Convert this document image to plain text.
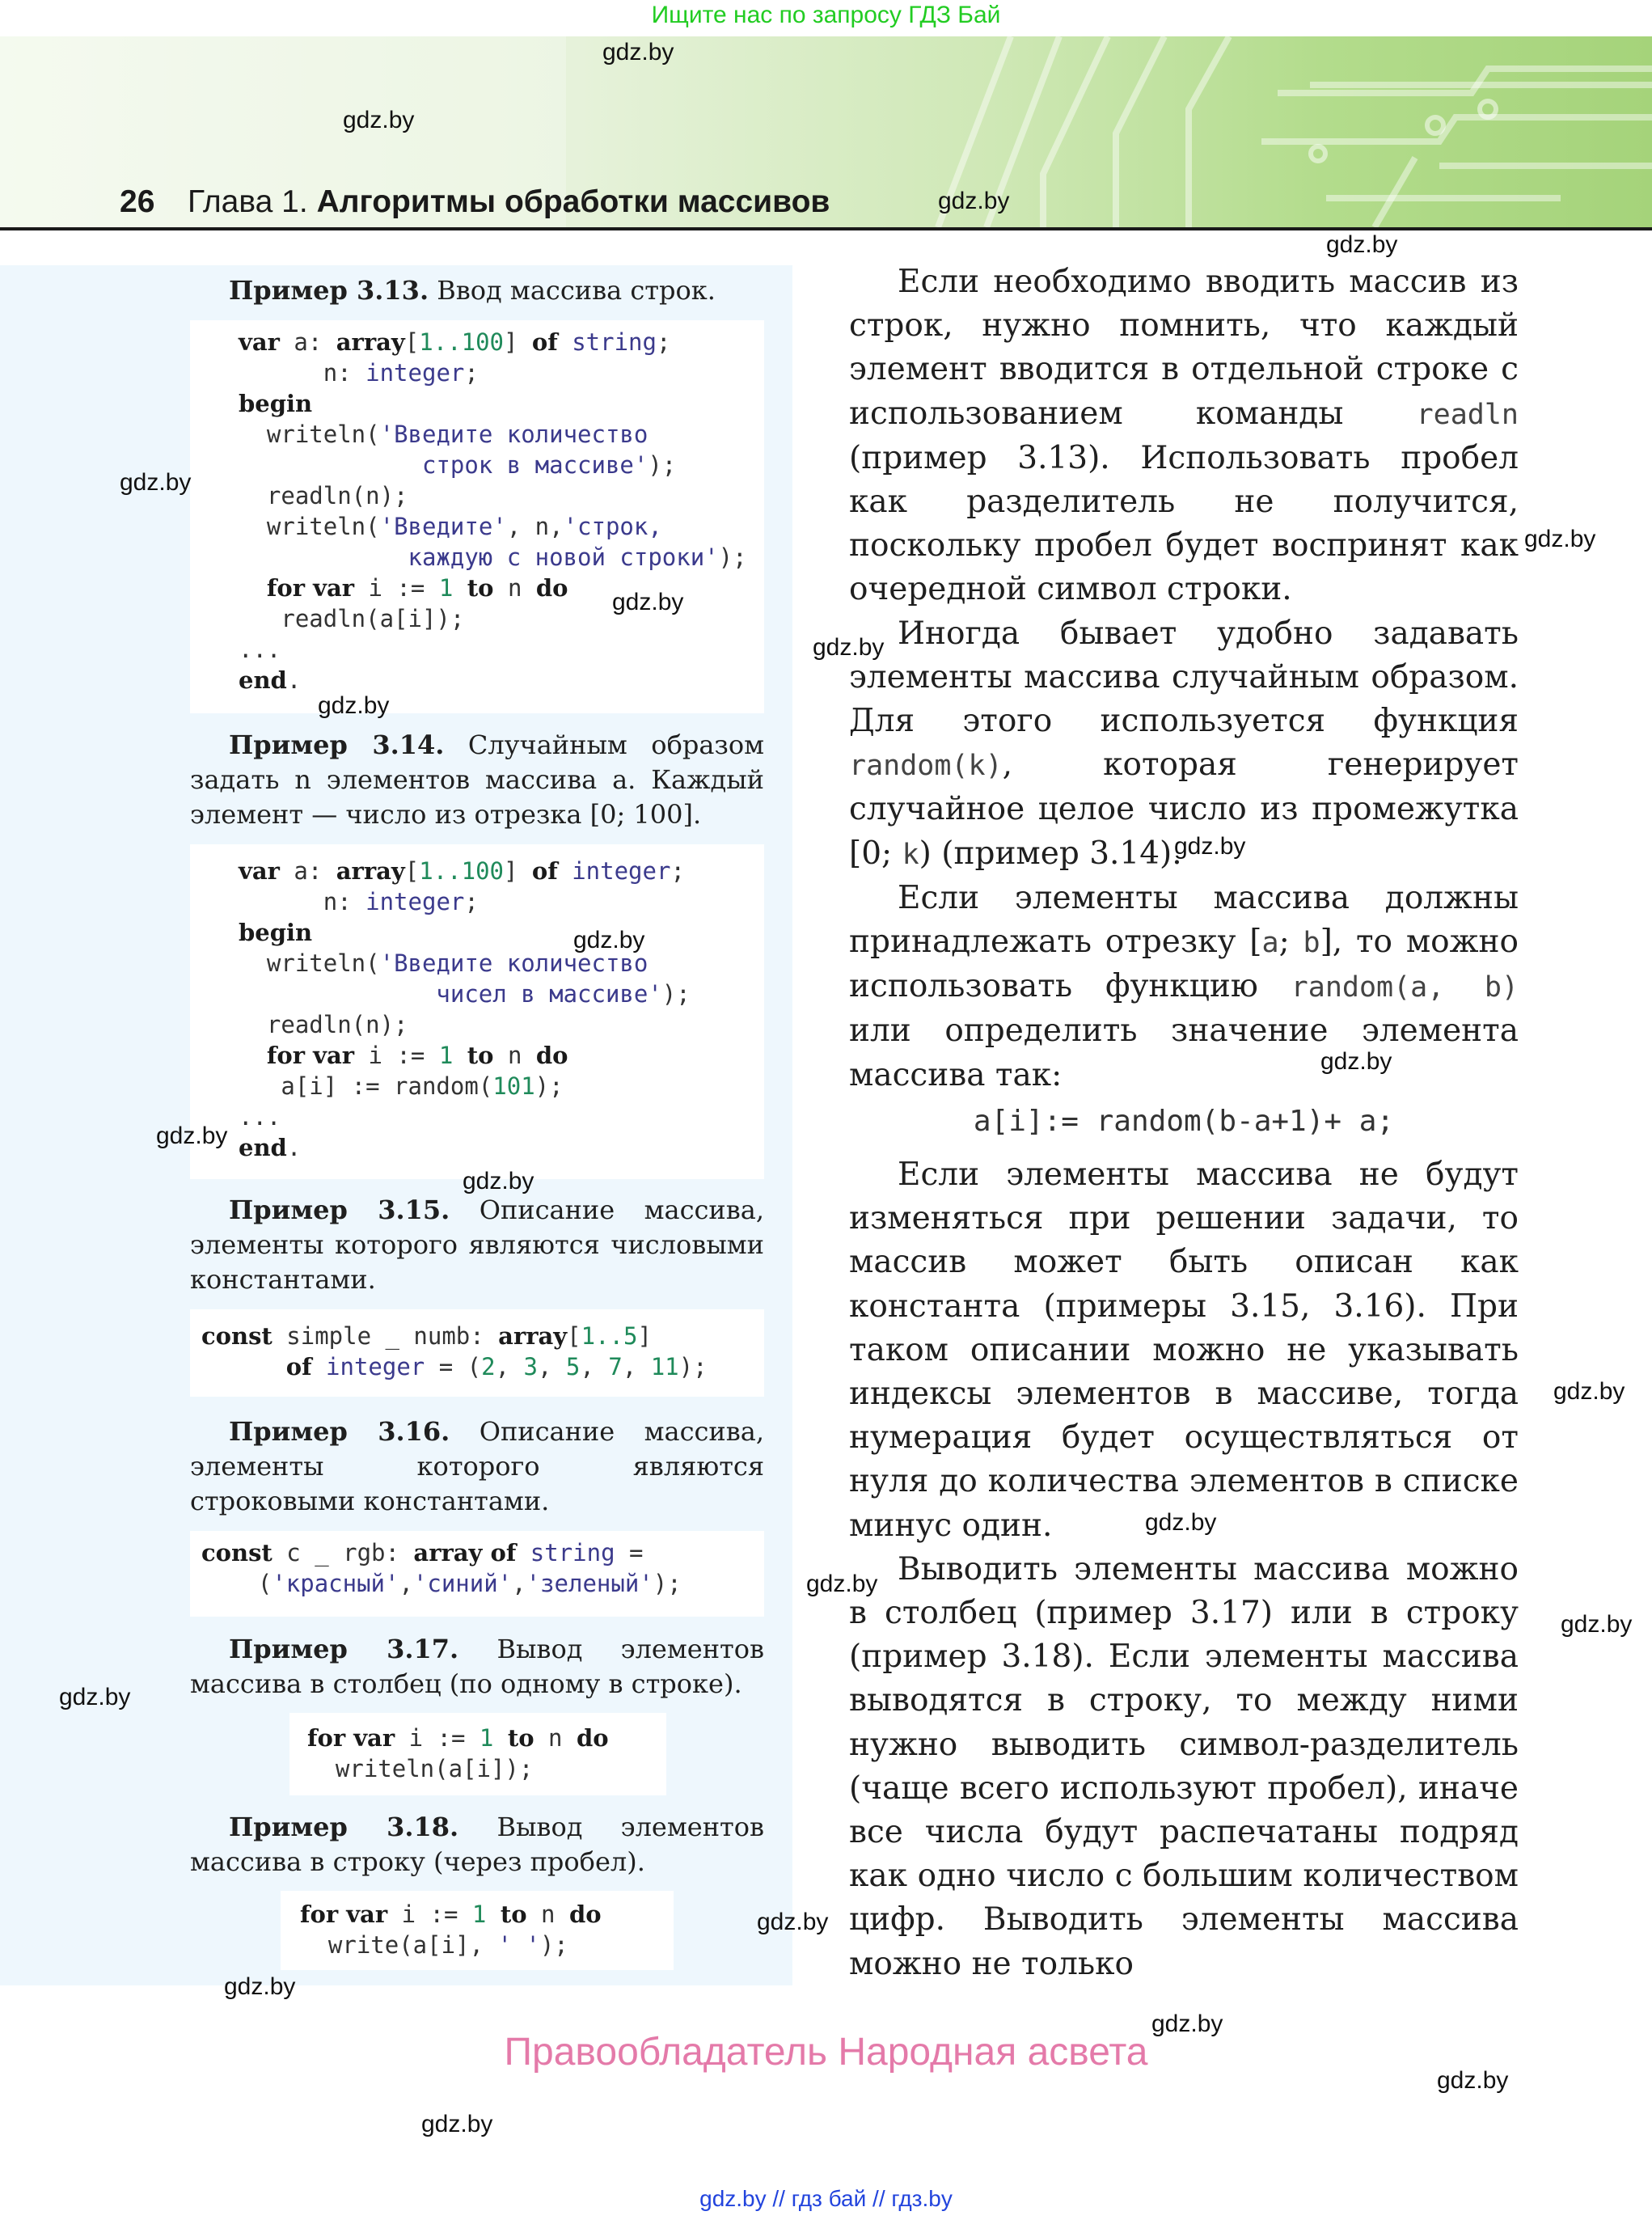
Ищите нас по запросу ГДЗ Бай
26 Глава 1. Алгоритмы обработки массивов
Пример 3.13. Ввод массива строк.
var a: array[1..100] of string;
n: integer;
begin
writeln('Введите количество
строк в массиве');
readln(n);
writeln('Введите', n,'строк,
каждую с новой строки');
for var i := 1 to n do
readln(a[i]);
...
end.
Пример 3.14. Случайным образом задать n элементов массива a. Каждый элемент — число из отрезка [0; 100].
var a: array[1..100] of integer;
n: integer;
begin
writeln('Введите количество
чисел в массиве');
readln(n);
for var i := 1 to n do
a[i] := random(101);
...
end.
Пример 3.15. Описание массива, элементы которого являются числовыми константами.
const simple _ numb: array[1..5]
of integer = (2, 3, 5, 7, 11);
Пример 3.16. Описание массива, элементы которого являются строковыми константами.
const c _ rgb: array of string =
('красный','синий','зеленый');
Пример 3.17. Вывод элементов массива в столбец (по одному в строке).
for var i := 1 to n do
writeln(a[i]);
Пример 3.18. Вывод элементов массива в строку (через пробел).
for var i := 1 to n do
write(a[i], ' ');

Если необходимо вводить массив из строк, нужно помнить, что каждый элемент вводится в отдельной строке с использованием команды readln (пример 3.13). Использовать пробел как разделитель не получится, поскольку пробел будет воспринят как очередной символ строки.

Иногда бывает удобно задавать элементы массива случайным образом. Для этого используется функция random(k), которая генерирует случайное целое число из промежутка [0; k) (пример 3.14).

Если элементы массива должны принадлежать отрезку [a; b], то можно использовать функцию random(a, b) или определить значение элемента массива так:

a[i]:= random(b-a+1)+ a;

Если элементы массива не будут изменяться при решении задачи, то массив может быть описан как константа (примеры 3.15, 3.16). При таком описании можно не указывать индексы элементов в массиве, тогда нумерация будет осуществляться от нуля до количества элементов в списке минус один.

Выводить элементы массива можно в столбец (пример 3.17) или в строку (пример 3.18). Если элементы массива выводятся в строку, то между ними нужно выводить символ-разделитель (чаще всего используют пробел), иначе все числа будут распечатаны подряд как одно число с большим количеством цифр. Выводить элементы массива можно не только

gdz.by
gdz.by
gdz.by
gdz.by
gdz.by
gdz.by
gdz.by
gdz.by
gdz.by
gdz.by
gdz.by
gdz.by
gdz.by
gdz.by
gdz.by
gdz.by
gdz.by
gdz.by
gdz.by
gdz.by
gdz.by
gdz.by
gdz.by
gdz.by
Правообладатель Народная асвета
gdz.by // гдз бай // гдз.by
